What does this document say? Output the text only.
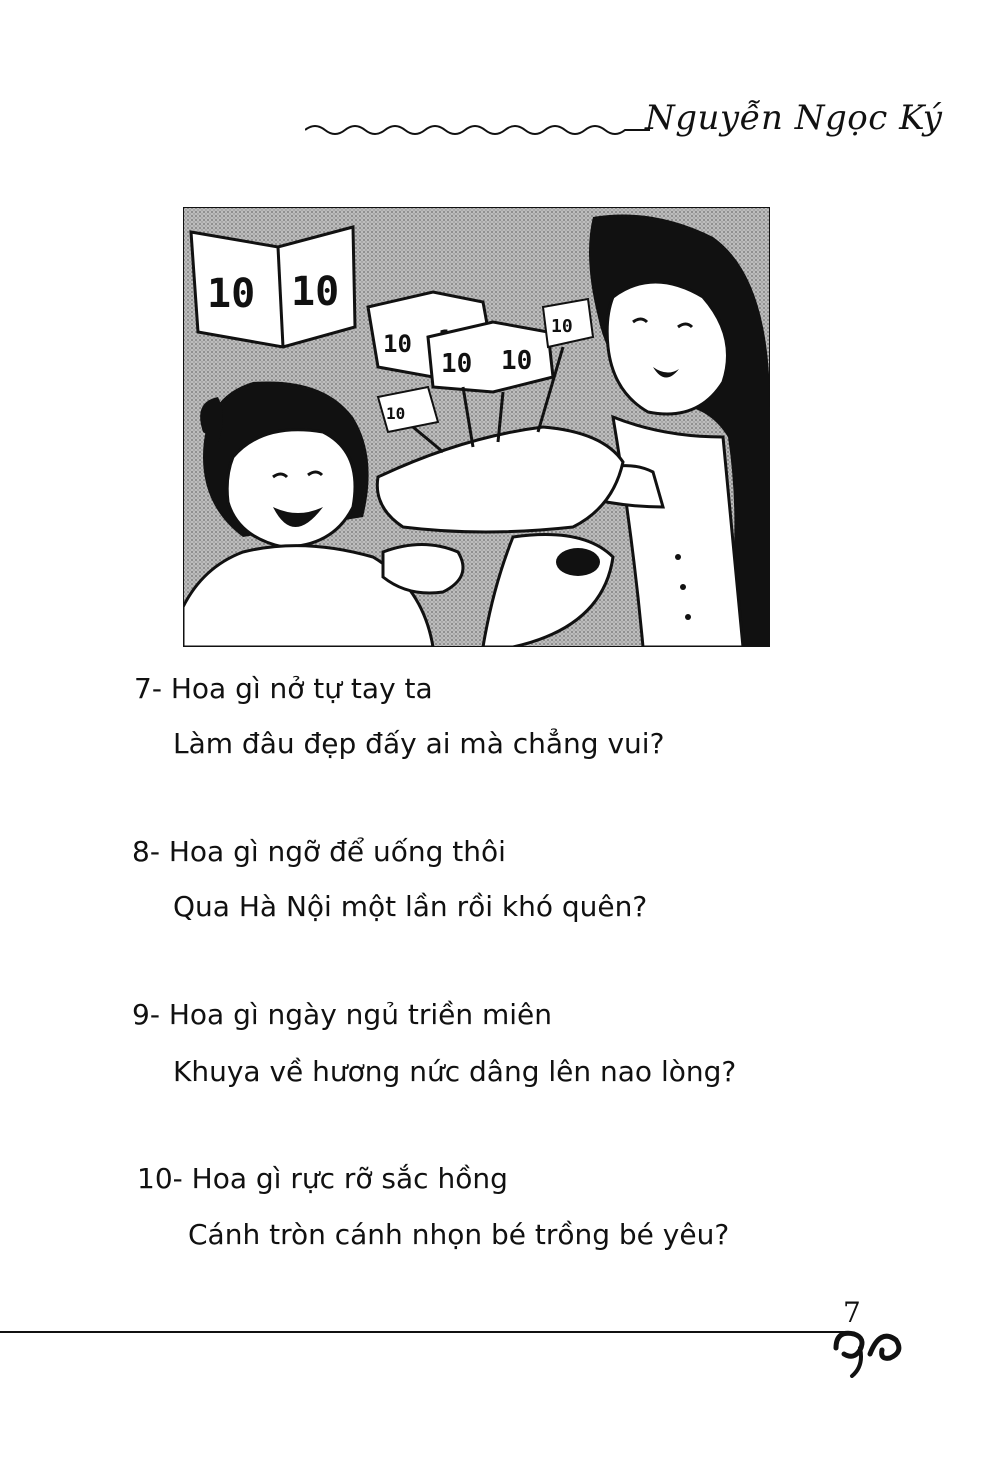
Nguyễn Ngọc Ký
10 10
10
10 10
10
10
7- Hoa gì nở tự tay ta
Làm đâu đẹp đấy ai mà chẳng vui?
8- Hoa gì ngỡ để uống thôi
Qua Hà Nội một lần rồi khó quên?
9- Hoa gì ngày ngủ triền miên
Khuya về hương nức dâng lên nao lòng?
10- Hoa gì rực rỡ sắc hồng
Cánh tròn cánh nhọn bé trồng bé yêu?
7
